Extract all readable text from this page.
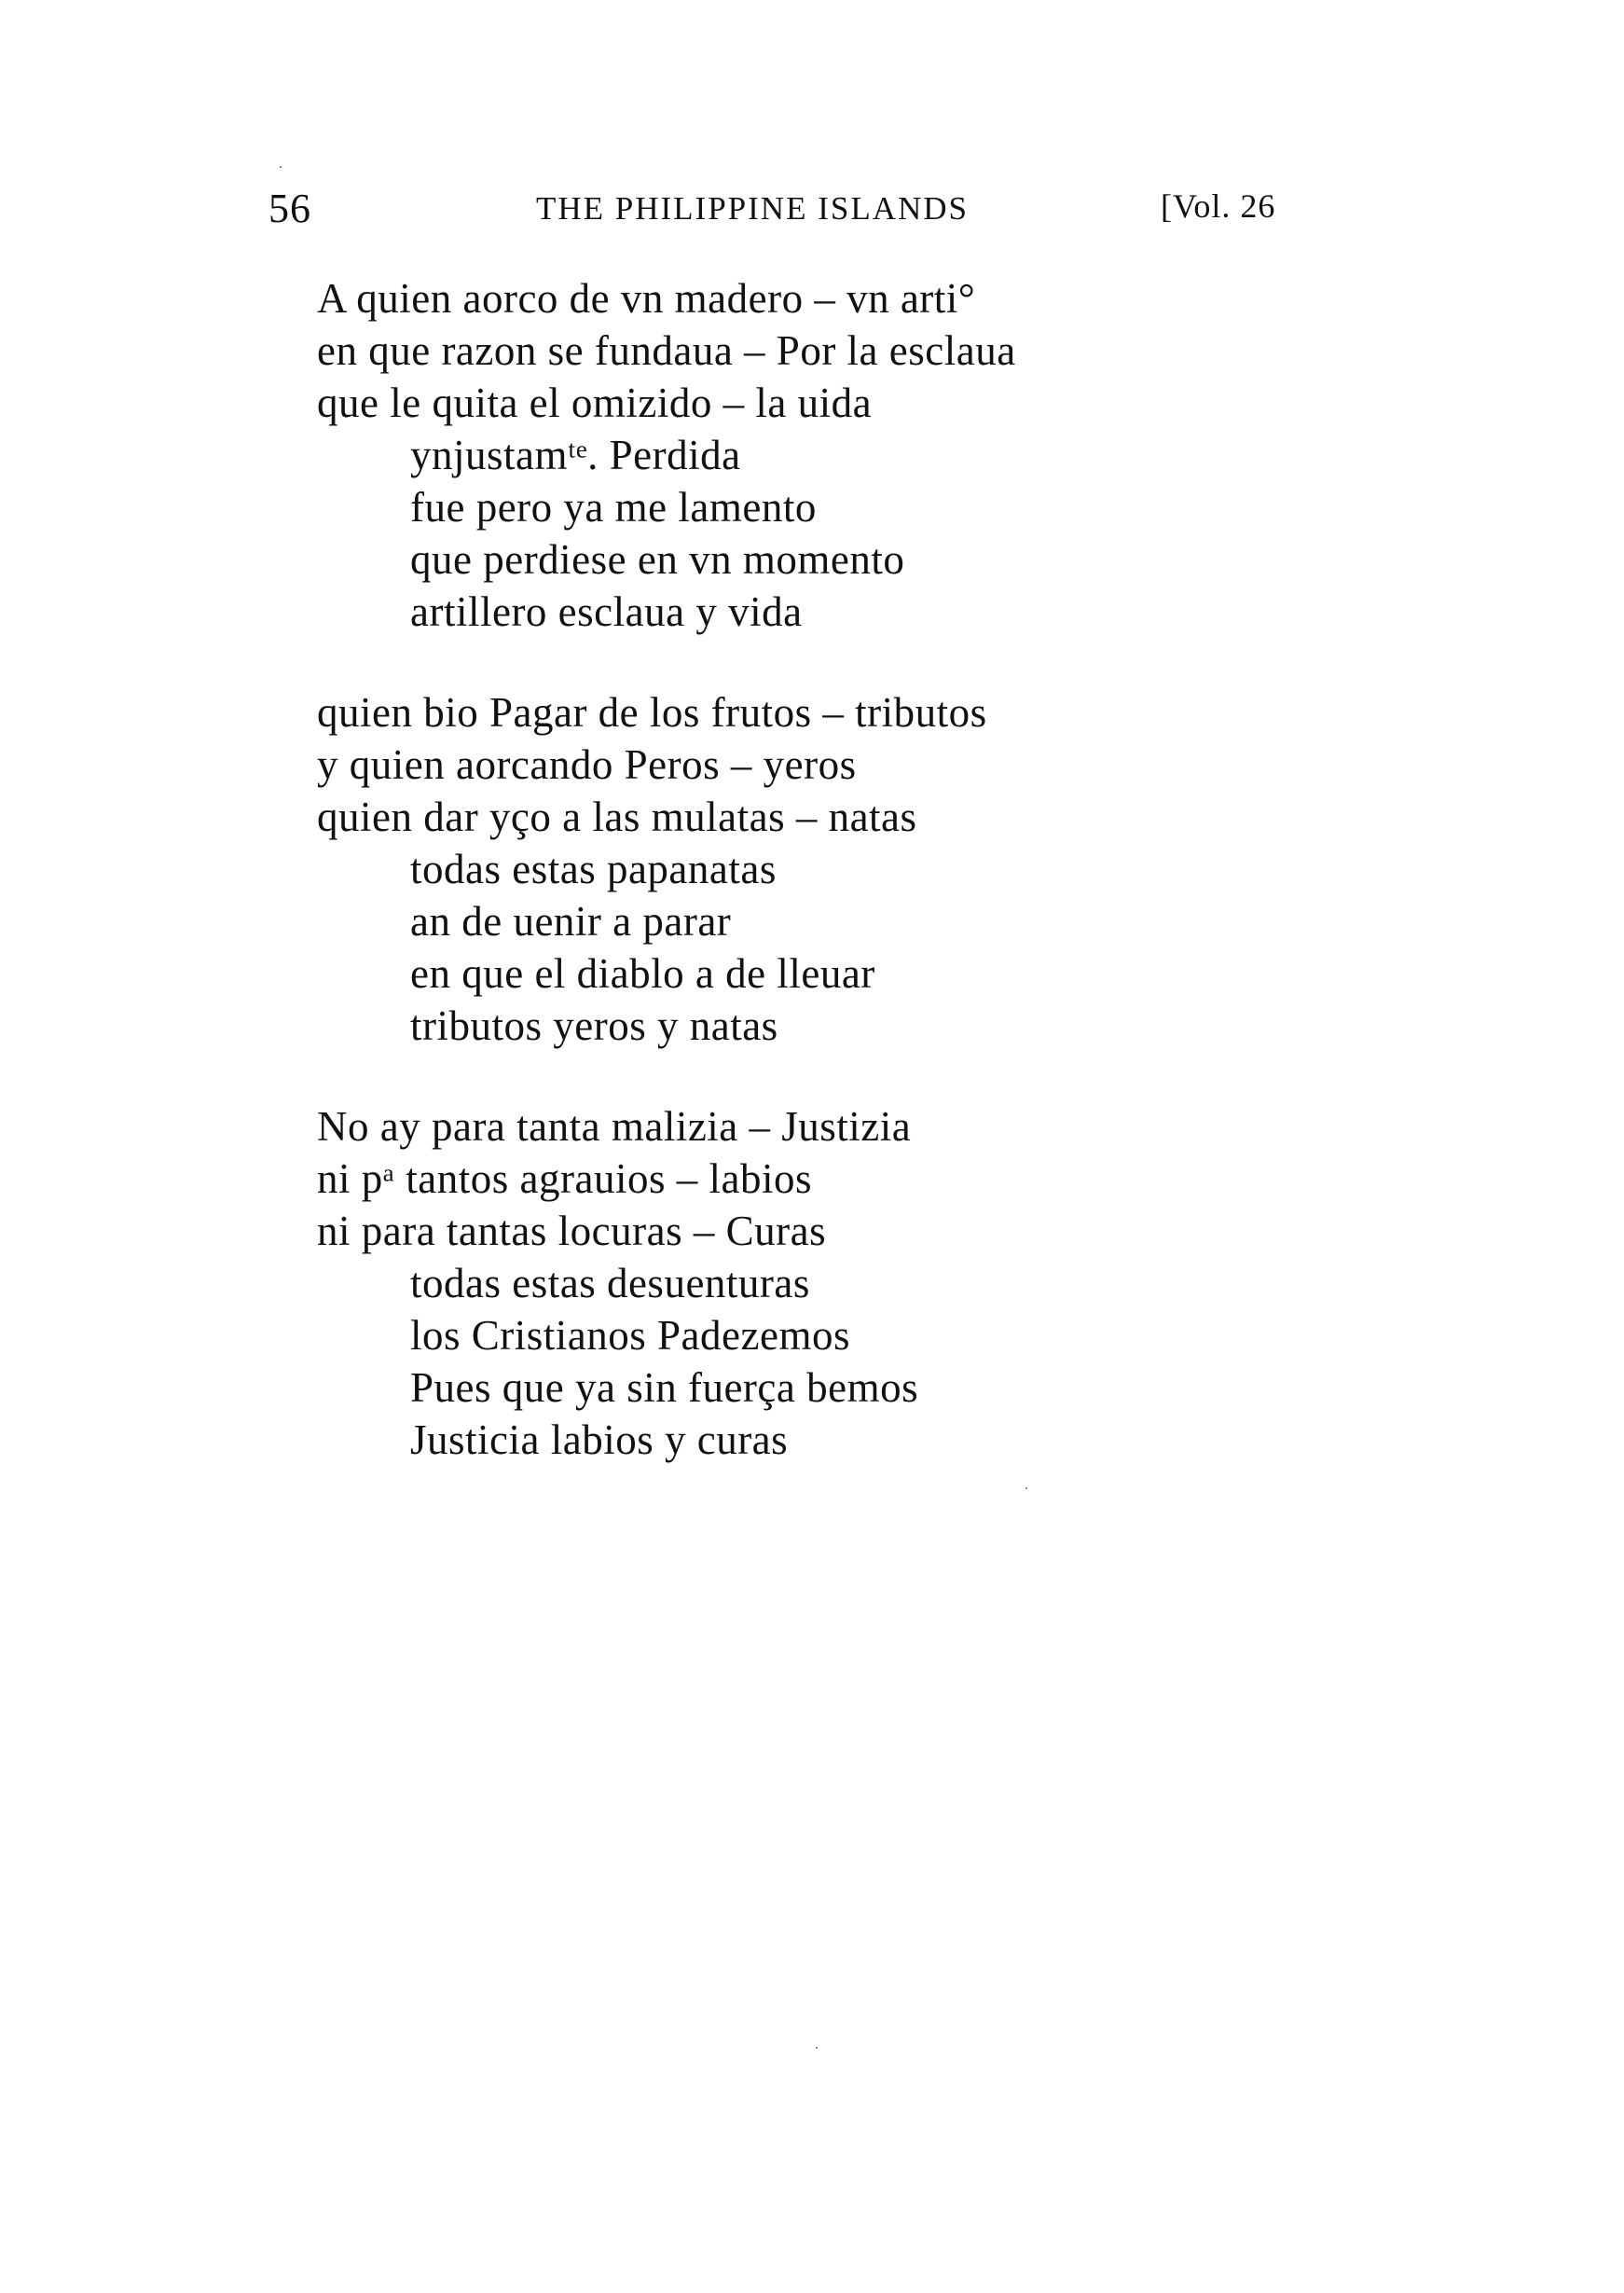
56	THE PHILIPPINE ISLANDS	[Vol. 26
A quien aorco de vn madero – vn arti°
en que razon se fundaua – Por la esclaua
que le quita el omizido – la uida
ynjustamᵗᵉ. Perdida
fue pero ya me lamento
que perdiese en vn momento
artillero esclaua y vida
quien bio Pagar de los frutos – tributos
y quien aorcando Peros – yeros
quien dar yço a las mulatas – natas
todas estas papanatas
an de uenir a parar
en que el diablo a de lleuar
tributos yeros y natas
No ay para tanta malizia – Justizia
ni pᵃ tantos agrauios – labios
ni para tantas locuras – Curas
todas estas desuenturas
los Cristianos Padezemos
Pues que ya sin fuerça bemos
Justicia labios y curas
